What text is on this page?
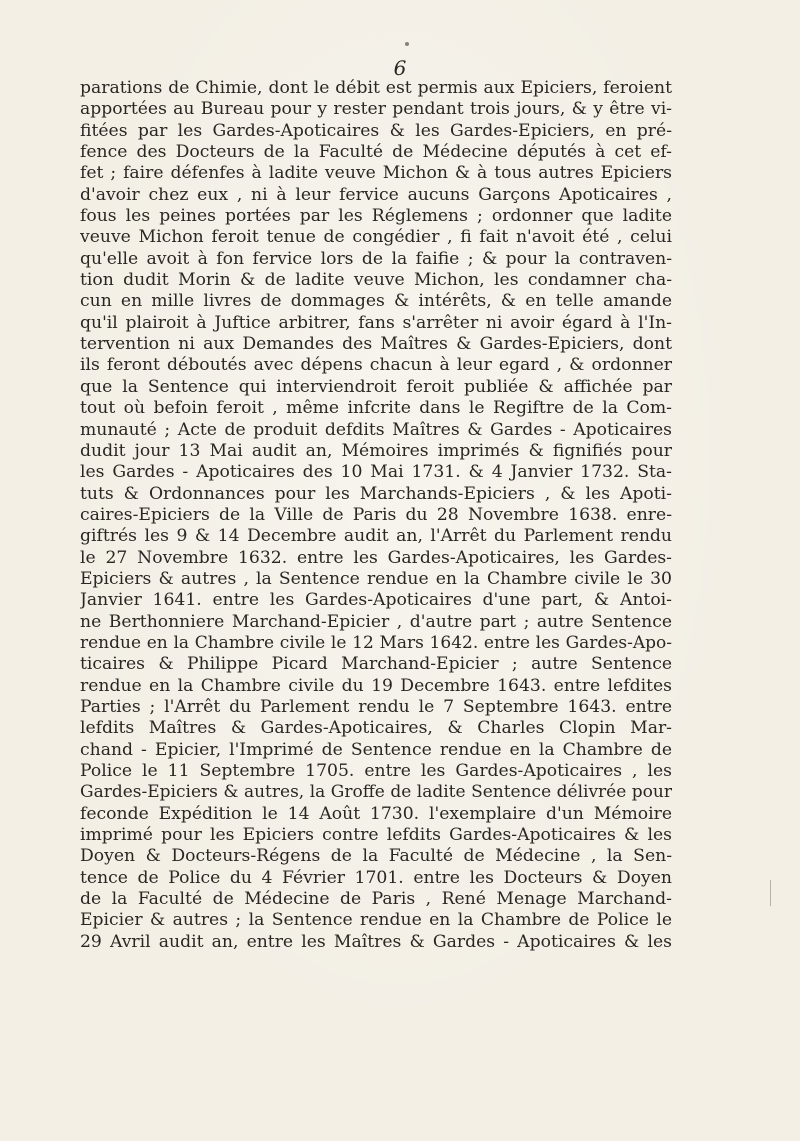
6
parations de Chimie, dont le débit est permis aux Epiciers, feroient
apportées au Bureau pour y rester pendant trois jours, & y être vi-
fitées par les Gardes-Apoticaires & les Gardes-Epiciers, en pré-
fence des Docteurs de la Faculté de Médecine députés à cet ef-
fet ; faire défenfes à ladite veuve Michon & à tous autres Epiciers
d'avoir chez eux , ni à leur fervice aucuns Garçons Apoticaires ,
fous les peines portées par les Réglemens ; ordonner que ladite
veuve Michon feroit tenue de congédier , fi fait n'avoit été , celui
qu'elle avoit à fon fervice lors de la faifie ; & pour la contraven-
tion dudit Morin & de ladite veuve Michon, les condamner cha-
cun en mille livres de dommages & intérêts, & en telle amande
qu'il plairoit à Juftice arbitrer, fans s'arrêter ni avoir égard à l'In-
tervention ni aux Demandes des Maîtres & Gardes-Epiciers, dont
ils feront déboutés avec dépens chacun à leur egard , & ordonner
que la Sentence qui interviendroit feroit publiée & affichée par
tout où befoin feroit , même infcrite dans le Regiftre de la Com-
munauté ; Acte de produit defdits Maîtres & Gardes - Apoticaires
dudit jour 13 Mai audit an, Mémoires imprimés & fignifiés pour
les Gardes - Apoticaires des 10 Mai 1731. & 4 Janvier 1732. Sta-
tuts & Ordonnances pour les Marchands-Epiciers , & les Apoti-
caires-Epiciers de la Ville de Paris du 28 Novembre 1638. enre-
giftrés les 9 & 14 Decembre audit an, l'Arrêt du Parlement rendu
le 27 Novembre 1632. entre les Gardes-Apoticaires, les Gardes-
Epiciers & autres , la Sentence rendue en la Chambre civile le 30
Janvier 1641. entre les Gardes-Apoticaires d'une part, & Antoi-
ne Berthonniere Marchand-Epicier , d'autre part ; autre Sentence
rendue en la Chambre civile le 12 Mars 1642. entre les Gardes-Apo-
ticaires & Philippe Picard Marchand-Epicier ; autre Sentence
rendue en la Chambre civile du 19 Decembre 1643. entre lefdites
Parties ; l'Arrêt du Parlement rendu le 7 Septembre 1643. entre
lefdits Maîtres & Gardes-Apoticaires, & Charles Clopin Mar-
chand - Epicier, l'Imprimé de Sentence rendue en la Chambre de
Police le 11 Septembre 1705. entre les Gardes-Apoticaires , les
Gardes-Epiciers & autres, la Groffe de ladite Sentence délivrée pour
feconde Expédition le 14 Août 1730. l'exemplaire d'un Mémoire
imprimé pour les Epiciers contre lefdits Gardes-Apoticaires & les
Doyen & Docteurs-Régens de la Faculté de Médecine , la Sen-
tence de Police du 4 Février 1701. entre les Docteurs & Doyen
de la Faculté de Médecine de Paris , René Menage Marchand-
Epicier & autres ; la Sentence rendue en la Chambre de Police le
29 Avril audit an, entre les Maîtres & Gardes - Apoticaires & les
